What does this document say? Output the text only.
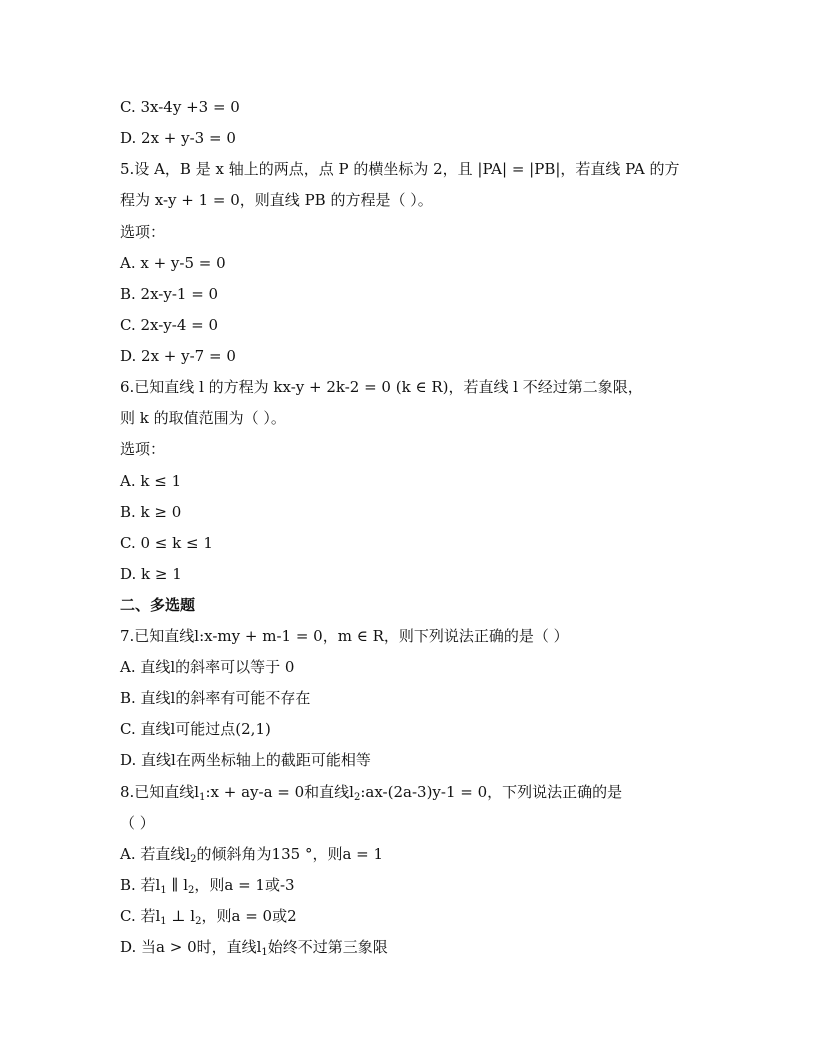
C. 3x-4y +3 = 0
D. 2x + y-3 = 0
5.设 A，B 是 x 轴上的两点，点 P 的横坐标为 2，且 |PA| = |PB|，若直线 PA 的方
程为 x-y + 1 = 0，则直线 PB 的方程是（ ）。
选项：
A. x + y-5 = 0
B. 2x-y-1 = 0
C. 2x-y-4 = 0
D. 2x + y-7 = 0
6.已知直线 l 的方程为 kx-y + 2k-2 = 0 (k ∈ R)，若直线 l 不经过第二象限，
则 k 的取值范围为（ ）。
选项：
A. k ≤ 1
B. k ≥ 0
C. 0 ≤ k ≤ 1
D. k ≥ 1
二、多选题
7.已知直线l:x-my + m-1 = 0，m ∈ R，则下列说法正确的是（ ）
A. 直线l的斜率可以等于 0
B. 直线l的斜率有可能不存在
C. 直线l可能过点(2,1)
D. 直线l在两坐标轴上的截距可能相等
8.已知直线$l_1:x + ay-a = 0$和直线$l_2:ax-(2a-3)y-1 = 0$，下列说法正确的是
（ ）
A. 若直线$l_2$的倾斜角为135 °，则a = 1
B. 若$l_1$ ∥ $l_2$，则a = 1或-3
C. 若$l_1$ ⊥ $l_2$，则a = 0或2
D. 当a > 0时，直线$l_1$始终不过第三象限
